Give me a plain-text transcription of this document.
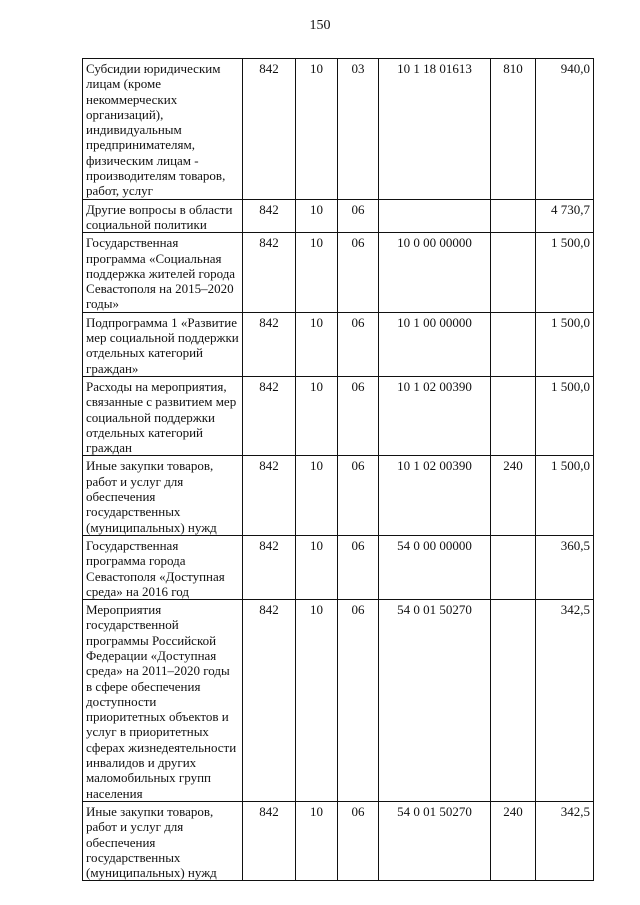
150
Субсидии юридическим лицам (кроме некоммерческих организаций), индивидуальным предпринимателям, физическим лицам - производителям товаров, работ, услуг	842	10	03	10 1 18 01613	810	940,0
Другие вопросы в области социальной политики	842	10	06			4 730,7
Государственная программа «Социальная поддержка жителей города Севастополя на 2015–2020 годы»	842	10	06	10 0 00 00000		1 500,0
Подпрограмма 1 «Развитие мер социальной поддержки отдельных категорий граждан»	842	10	06	10 1 00 00000		1 500,0
Расходы на мероприятия, связанные с развитием мер социальной поддержки отдельных категорий граждан	842	10	06	10 1 02 00390		1 500,0
Иные закупки товаров, работ и услуг для обеспечения государственных (муниципальных) нужд	842	10	06	10 1 02 00390	240	1 500,0
Государственная программа города Севастополя «Доступная среда» на 2016 год	842	10	06	54 0 00 00000		360,5
Мероприятия государственной программы Российской Федерации «Доступная среда» на 2011–2020 годы в сфере обеспечения доступности приоритетных объектов и услуг в приоритетных сферах жизнедеятельности инвалидов и других маломобильных групп населения	842	10	06	54 0 01 50270		342,5
Иные закупки товаров, работ и услуг для обеспечения государственных (муниципальных) нужд	842	10	06	54 0 01 50270	240	342,5
